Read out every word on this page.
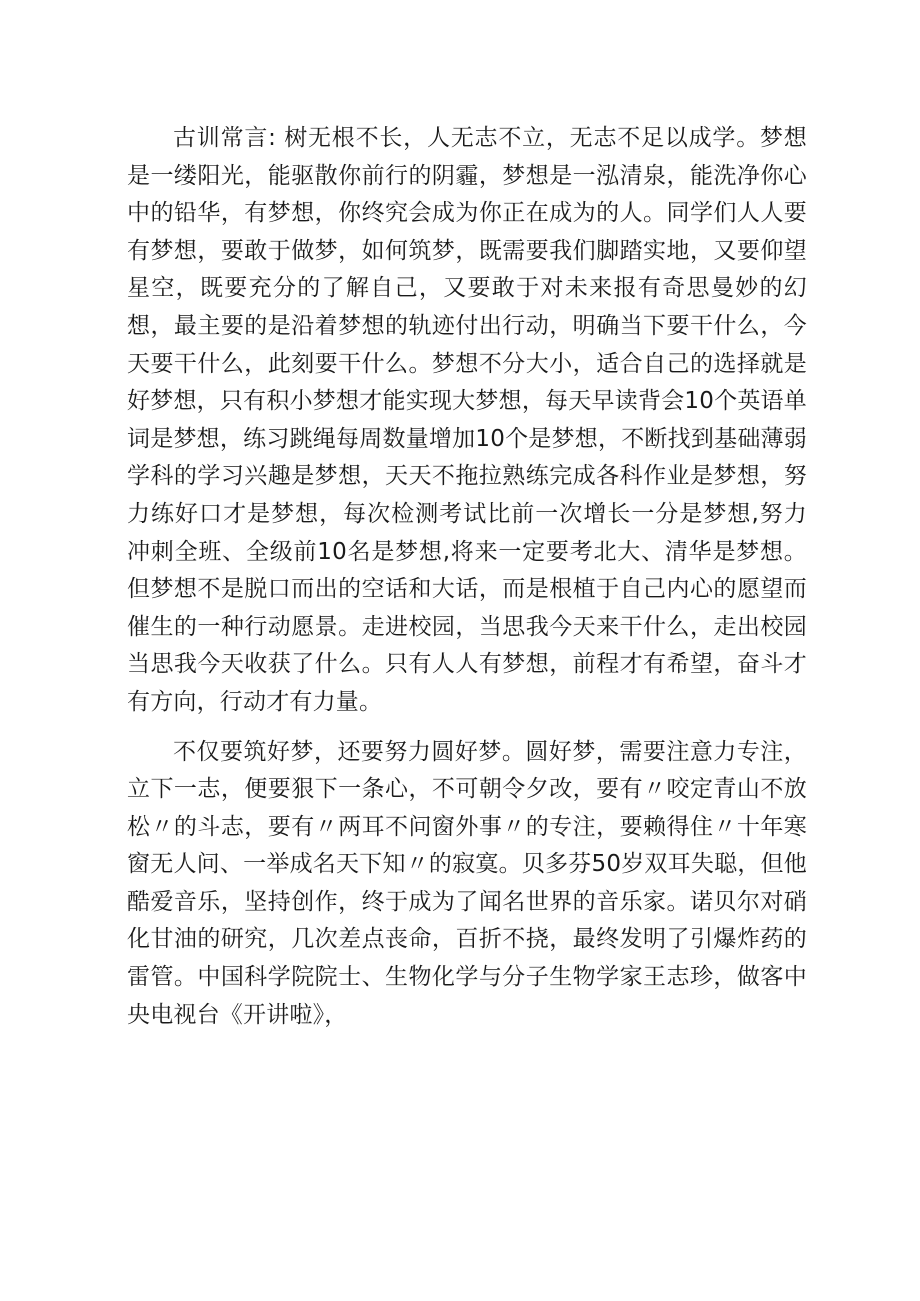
古训常言: 树无根不长，人无志不立，无志不足以成学。梦想是一缕阳光，能驱散你前行的阴霾，梦想是一泓清泉，能洗净你心中的铅华，有梦想，你终究会成为你正在成为的人。同学们人人要有梦想，要敢于做梦，如何筑梦，既需要我们脚踏实地，又要仰望星空，既要充分的了解自己，又要敢于对未来报有奇思曼妙的幻想，最主要的是沿着梦想的轨迹付出行动，明确当下要干什么，今天要干什么，此刻要干什么。梦想不分大小，适合自己的选择就是好梦想，只有积小梦想才能实现大梦想，每天早读背会10个英语单词是梦想，练习跳绳每周数量增加10个是梦想，不断找到基础薄弱学科的学习兴趣是梦想，天天不拖拉熟练完成各科作业是梦想，努力练好口才是梦想，每次检测考试比前一次增长一分是梦想,努力冲刺全班、全级前10名是梦想,将来一定要考北大、清华是梦想。但梦想不是脱口而出的空话和大话，而是根植于自己内心的愿望而催生的一种行动愿景。走进校园，当思我今天来干什么，走出校园当思我今天收获了什么。只有人人有梦想，前程才有希望，奋斗才有方向，行动才有力量。

不仅要筑好梦，还要努力圆好梦。圆好梦，需要注意力专注，立下一志，便要狠下一条心，不可朝令夕改，要有〃咬定青山不放松〃的斗志，要有〃两耳不问窗外事〃的专注，要赖得住〃十年寒窗无人问、一举成名天下知〃的寂寞。贝多芬50岁双耳失聪，但他酷爱音乐，坚持创作，终于成为了闻名世界的音乐家。诺贝尔对硝化甘油的研究，几次差点丧命，百折不挠，最终发明了引爆炸药的雷管。中国科学院院士、生物化学与分子生物学家王志珍，做客中央电视台《开讲啦》，
